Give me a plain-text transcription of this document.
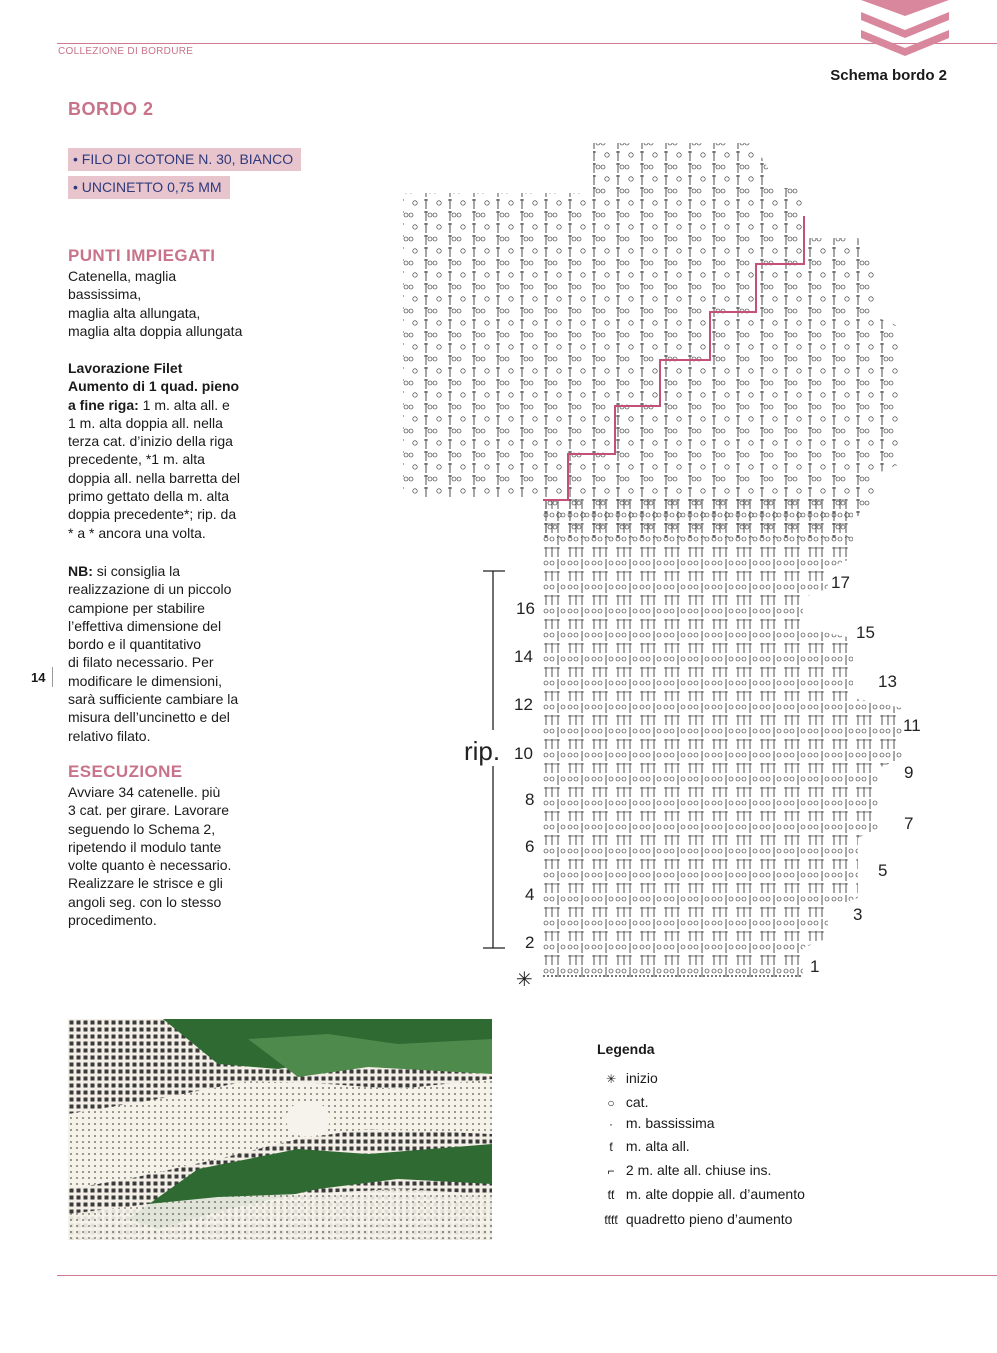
COLLEZIONE DI BORDURE
Schema bordo 2
BORDO 2
• FILO DI COTONE N. 30, BIANCO
• UNCINETTO 0,75 MM
PUNTI IMPIEGATI
Catenella, maglia
bassissima,
maglia alta allungata,
maglia alta doppia allungata
Lavorazione Filet
Aumento di 1 quad. pieno
a fine riga: 1 m. alta all. e
1 m. alta doppia all. nella
terza cat. d’inizio della riga
precedente, *1 m. alta
doppia all. nella barretta del
primo gettato della m. alta
doppia precedente*; rip. da
* a * ancora una volta.
NB: si consiglia la
realizzazione di un piccolo
campione per stabilire
l’effettiva dimensione del
bordo e il quantitativo
di filato necessario. Per
modificare le dimensioni,
sarà sufficiente cambiare la
misura dell’uncinetto e del
relativo filato.
ESECUZIONE
Avviare 34 catenelle. più
3 cat. per girare. Lavorare
seguendo lo Schema 2,
ripetendo il modulo tante
volte quanto è necessario.
Realizzare le strisce e gli
angoli seg. con lo stesso
procedimento.
14
rip.
✳
16
14
12
10
8
6
4
2
17
15
13
11
9
7
5
3
1
Legenda
✳ inizio
○ cat.
· m. bassissima
ƭ m. alta all.
⌐ 2 m. alte all. chiuse ins.
ƭƭ m. alte doppie all. d’aumento
ƭƭƭƭ quadretto pieno d’aumento
